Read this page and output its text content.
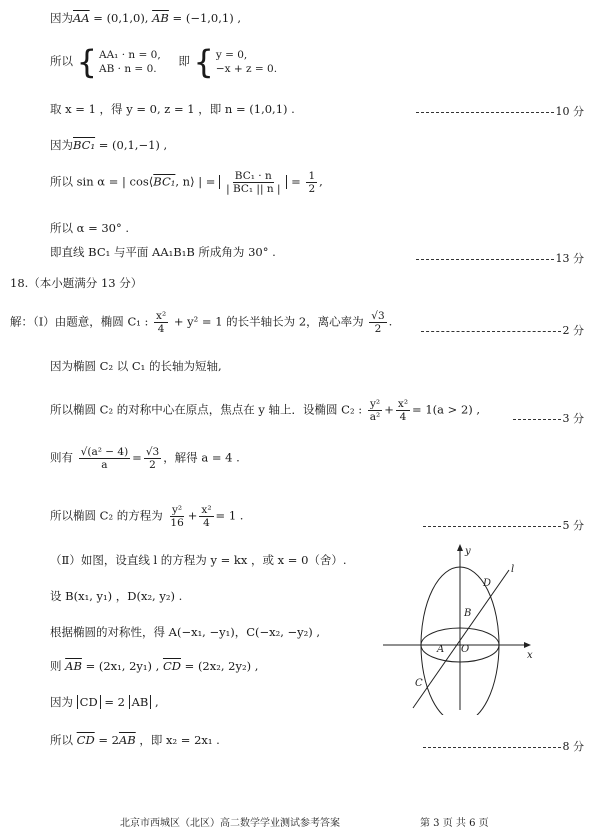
因为$\overline{AA} = (0,1,0)$, $\overline{AB} = (-1,0,1)$ ,
所以 { AA₁ · n = 0,
AB · n = 0.
即 { y = 0,
−x + z = 0.
取 x = 1 ，得 y = 0, z = 1 ，即 n = (1,0,1) .	10 分
因为BC₁ = (0,1,−1) ,
所以 sin α = | cos⟨BC₁, n⟩ | = $\frac{\text{BC₁ · n}}{\text{| BC₁ || n |}} = \frac{1}{2}$ ,
所以 α = 30° .
即直线 BC₁ 与平面 AA₁B₁B 所成角为 30° .	13 分
18.（本小题满分 13 分）
解：（Ⅰ）由题意，椭圆 C₁ : $\frac{\text{x²}}{4} + y^2 = 1$ 的长半轴长为 2，离心率为 $\frac{√3}{2}$ .
2 分
因为椭圆 C₂ 以 C₁ 的长轴为短轴,
所以椭圆 C₂ 的对称中心在原点，焦点在 y 轴上．设椭圆 C₂ : $\frac{\text{y²}}{\text{a²}} + \frac{\text{x²}}{4} = 1(a > 2)$ ,
3 分
则有 $\frac{\text{√(a² − 4)}}{a} = \frac{√3}{2}$ ，解得 a = 4 .
所以椭圆 C₂ 的方程为 $\frac{\text{y²}}{16} + \frac{\text{x²}}{4} = 1$ .
5 分
（Ⅱ）如图，设直线 l 的方程为 y = kx ，或 x = 0（舍）.
设 B(x₁, y₁) ，D(x₂, y₂) .
根据椭圆的对称性，得 A(−x₁, −y₁)，C(−x₂, −y₂) ,
则 $\overline{AB} = (2x_1$, 2y₁) , $\overline{CD} = (2x_2$, 2y₂) ,
因为 CD = 2 AB ,
所以 $\overline{CD} = 2\overline{AB}$ ，即 x₂ = 2x₁ .	8 分
y
x
l
D
B
A O
C
北京市西城区（北区）高二数学学业测试参考答案	第 3 页 共 6 页
